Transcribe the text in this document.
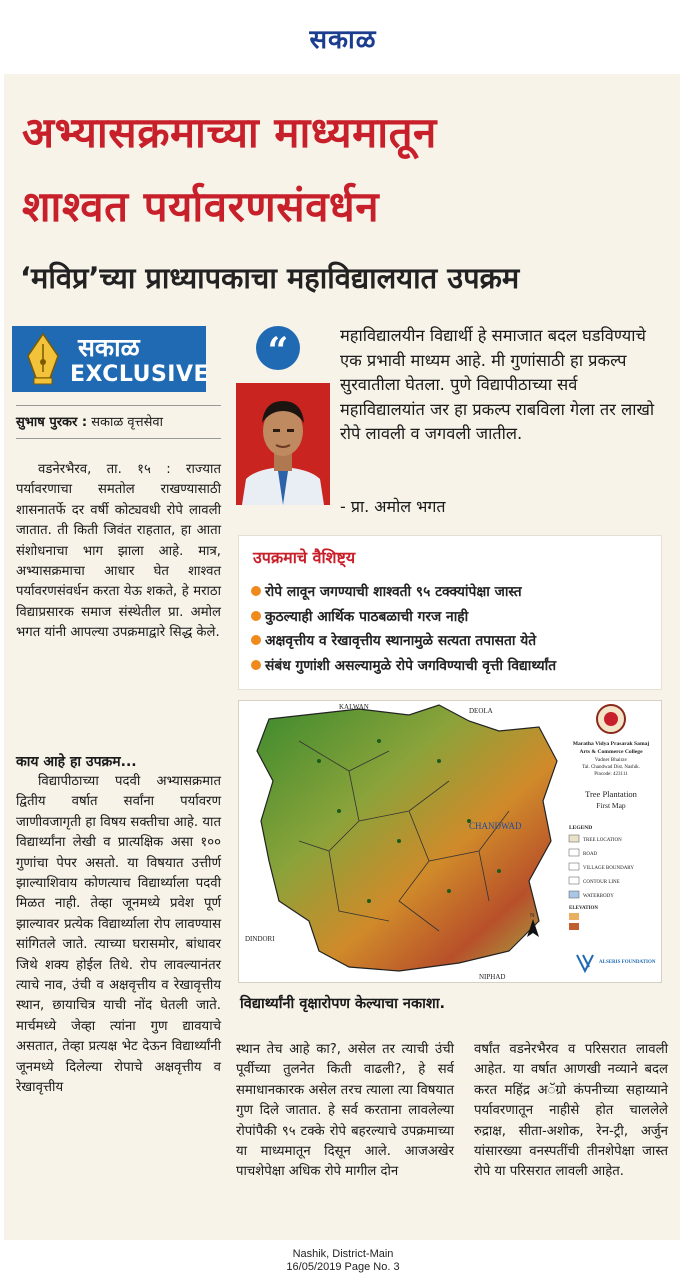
सकाळ
अभ्यासक्रमाच्या माध्यमातून
शाश्‍वत पर्यावरणसंवर्धन
‘मविप्र’च्या प्राध्यापकाचा महाविद्यालयात उपक्रम
सकाळ
EXCLUSIVE
सुभाष पुरकर : सकाळ वृत्तसेवा

वडनेरभैरव, ता. १५ : राज्यात पर्यावरणाचा समतोल राखण्यासाठी शासनातर्फे दर वर्षी कोट्यवधी रोपे लावली जातात. ती किती जिवंत राहतात, हा आता संशोधनाचा भाग झाला आहे. मात्र, अभ्यासक्रमाचा आधार घेत शाश्‍वत पर्यावरणसंवर्धन करता येऊ शकते, हे मराठा विद्याप्रसारक समाज संस्थेतील प्रा. अमोल भगत यांनी आपल्या उपक्रमाद्वारे सिद्ध केले.

काय आहे हा उपक्रम...

विद्यापीठाच्या पदवी अभ्यासक्रमात द्वितीय वर्षात सर्वांना पर्यावरण जाणीवजागृती हा विषय सक्तीचा आहे. यात विद्यार्थ्यांना लेखी व प्रात्यक्षिक असा १०० गुणांचा पेपर असतो. या विषयात उत्तीर्ण झाल्याशिवाय कोणत्याच विद्यार्थ्याला पदवी मिळत नाही. तेव्हा जूनमध्ये प्रवेश पूर्ण झाल्यावर प्रत्येक विद्यार्थ्याला रोप लावण्यास सांगितले जाते. त्याच्या घरासमोर, बांधावर जिथे शक्य होईल तिथे. रोप लावल्यानंतर त्याचे नाव, उंची व अक्षवृत्तीय व रेखावृत्तीय स्थान, छायाचित्र याची नोंद घेतली जाते. मार्चमध्ये जेव्हा त्यांना गुण द्यावयाचे असतात, तेव्हा प्रत्यक्ष भेट देऊन विद्यार्थ्यांनी जूनमध्ये दिलेल्या रोपाचे अक्षवृत्तीय व रेखावृत्तीय

“	महाविद्यालयीन विद्यार्थी हे समाजात बदल घडविण्याचे एक प्रभावी माध्यम आहे. मी गुणांसाठी हा प्रकल्प सुरवातीला घेतला. पुणे विद्यापीठाच्या सर्व महाविद्यालयांत जर हा प्रकल्प राबविला गेला तर लाखो रोपे लावली व जगवली जातील.
- प्रा. अमोल भगत
उपक्रमाचे वैशिष्ट्य
रोपे लावून जगण्याची शाश्‍वती ९५ टक्क्यांपेक्षा जास्त
कुठल्याही आर्थिक पाठबळाची गरज नाही
अक्षवृत्तीय व रेखावृत्तीय स्थानामुळे सत्यता तपासता येते
संबंध गुणांशी असल्यामुळे रोपे जगविण्याची वृत्ती विद्यार्थ्यांत
KALWAN	DEOLA
CHANDWAD
DINDORI
NIPHAD
Maratha Vidya Prasarak Samaj
Arts & Commerce College
Vadner Bhairav
Tal. Chandwad Dist. Nashik.
Pincode: 423111
Tree Plantation
First Map
LEGEND
TREE LOCATION
ROAD
VILLAGE BOUNDARY
CONTOUR LINE
WATERBODY
ELEVATION
N
ALSERIS FOUNDATION
विद्यार्थ्यांनी वृक्षारोपण केल्याचा नकाशा.

स्थान तेच आहे का?, असेल तर त्याची उंची पूर्वीच्या तुलनेत किती वाढली?, हे सर्व समाधानकारक असेल तरच त्याला त्या विषयात गुण दिले जातात. हे सर्व करताना लावलेल्या रोपांपैकी ९५ टक्के रोपे बहरल्याचे उपक्रमाच्या या माध्यमातून दिसून आले. आजअखेर पाचशेपेक्षा अधिक रोपे मागील दोन

वर्षांत वडनेरभैरव व परिसरात लावली आहेत. या वर्षात आणखी नव्याने बदल करत महिंद्र अॅग्रो कंपनीच्या सहाय्याने पर्यावरणातून नाहीसे होत चाललेले रुद्राक्ष, सीता-अशोक, रेन-ट्री, अर्जुन यांसारख्या वनस्पतींची तीनशेपेक्षा जास्त रोपे या परिसरात लावली आहेत.

Nashik, District-Main
16/05/2019 Page No. 3
